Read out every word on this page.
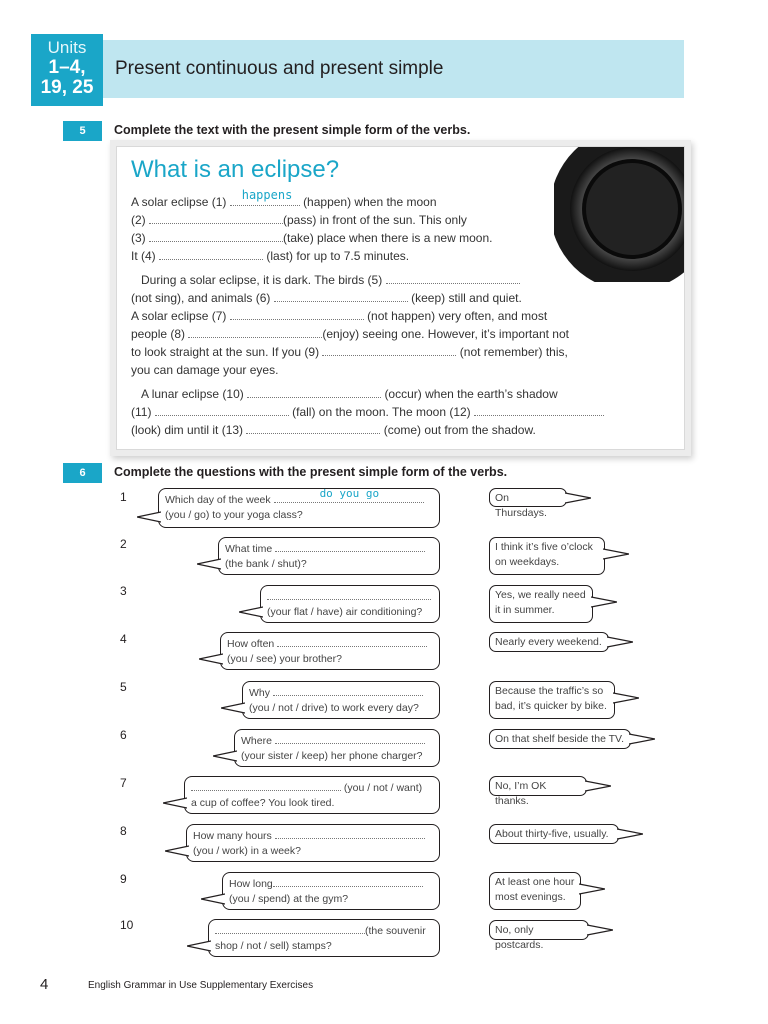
Units
1–4,
19, 25
Present continuous and present simple
5	Complete the text with the present simple form of the verbs.
What is an eclipse?
A solar eclipse (1) happens (happen) when the moon
(2)	(pass) in front of the sun. This only
(3)	(take) place when there is a new moon.
It (4)	(last) for up to 7.5 minutes.
During a solar eclipse, it is dark. The birds (5)
(not sing), and animals (6)	(keep) still and quiet.
A solar eclipse (7)	(not happen) very often, and most
people (8)	(enjoy) seeing one. However, it’s important not
to look straight at the sun. If you (9)	(not remember) this,
you can damage your eyes.
A lunar eclipse (10)	(occur) when the earth’s shadow
(11)	(fall) on the moon. The moon (12)
(look) dim until it (13)	(come) out from the shadow.
6	Complete the questions with the present simple form of the verbs.
1	Which day of the week	do you go
(you / go) to your yoga class?
On Thursdays.
2	What time
(the bank / shut)?
I think it’s five o’clock
on weekdays.
3
(your flat / have) air conditioning?
Yes, we really need
it in summer.
4	How often
(you / see) your brother?
Nearly every weekend.
5	Why
(you / not / drive) to work every day?
Because the traffic’s so
bad, it’s quicker by bike.
6	Where
(your sister / keep) her phone charger?
On that shelf beside the TV.
7	(you / not / want)
a cup of coffee? You look tired.
No, I’m OK thanks.
8	How many hours
(you / work) in a week?
About thirty-five, usually.
9	How long
(you / spend) at the gym?
At least one hour
most evenings.
10	(the souvenir
shop / not / sell) stamps?
No, only postcards.
4	English Grammar in Use Supplementary Exercises
